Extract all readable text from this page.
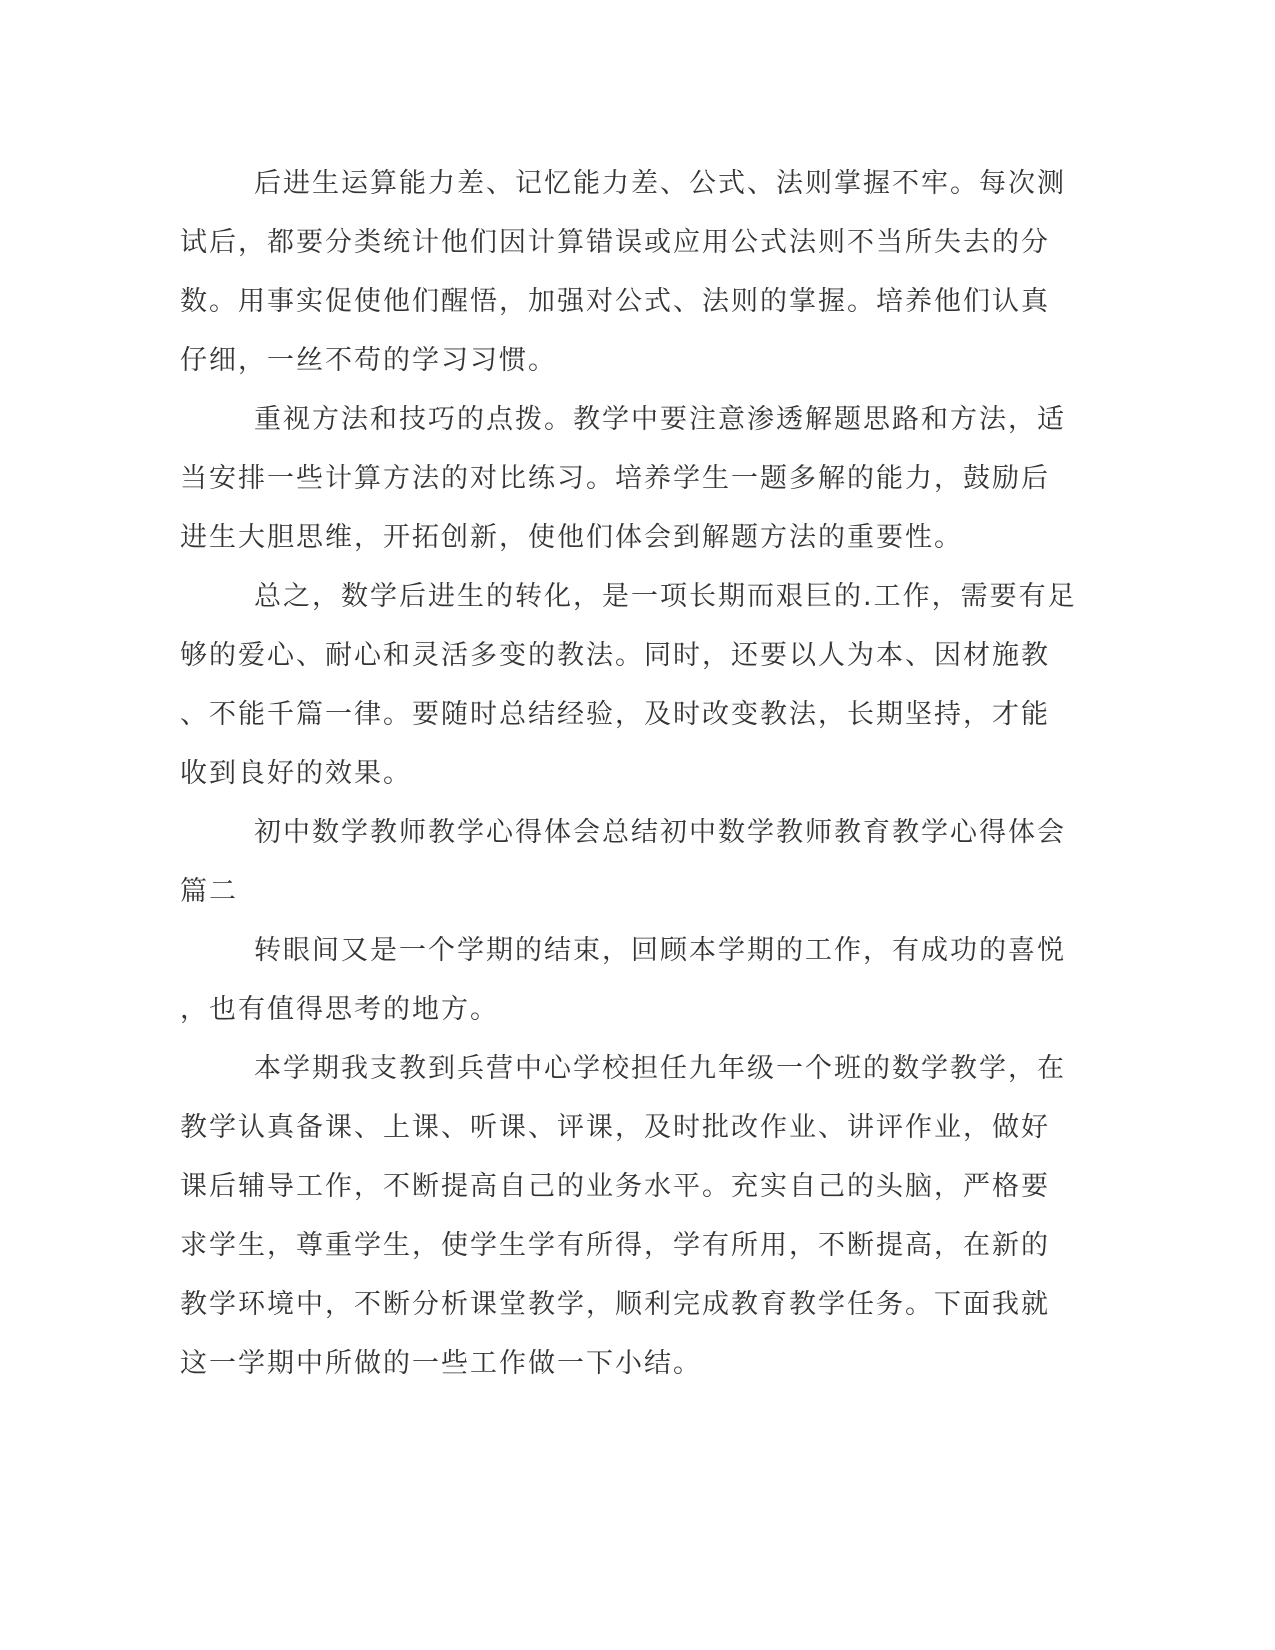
后进生运算能力差、记忆能力差、公式、法则掌握不牢。每次测
试后，都要分类统计他们因计算错误或应用公式法则不当所失去的分
数。用事实促使他们醒悟，加强对公式、法则的掌握。培养他们认真
仔细，一丝不苟的学习习惯。
重视方法和技巧的点拨。教学中要注意渗透解题思路和方法，适
当安排一些计算方法的对比练习。培养学生一题多解的能力，鼓励后
进生大胆思维，开拓创新，使他们体会到解题方法的重要性。
总之，数学后进生的转化，是一项长期而艰巨的.工作，需要有足
够的爱心、耐心和灵活多变的教法。同时，还要以人为本、因材施教
、不能千篇一律。要随时总结经验，及时改变教法，长期坚持，才能
收到良好的效果。
初中数学教师教学心得体会总结初中数学教师教育教学心得体会
篇二
转眼间又是一个学期的结束，回顾本学期的工作，有成功的喜悦
，也有值得思考的地方。
本学期我支教到兵营中心学校担任九年级一个班的数学教学，在
教学认真备课、上课、听课、评课，及时批改作业、讲评作业，做好
课后辅导工作，不断提高自己的业务水平。充实自己的头脑，严格要
求学生，尊重学生，使学生学有所得，学有所用，不断提高，在新的
教学环境中，不断分析课堂教学，顺利完成教育教学任务。下面我就
这一学期中所做的一些工作做一下小结。
